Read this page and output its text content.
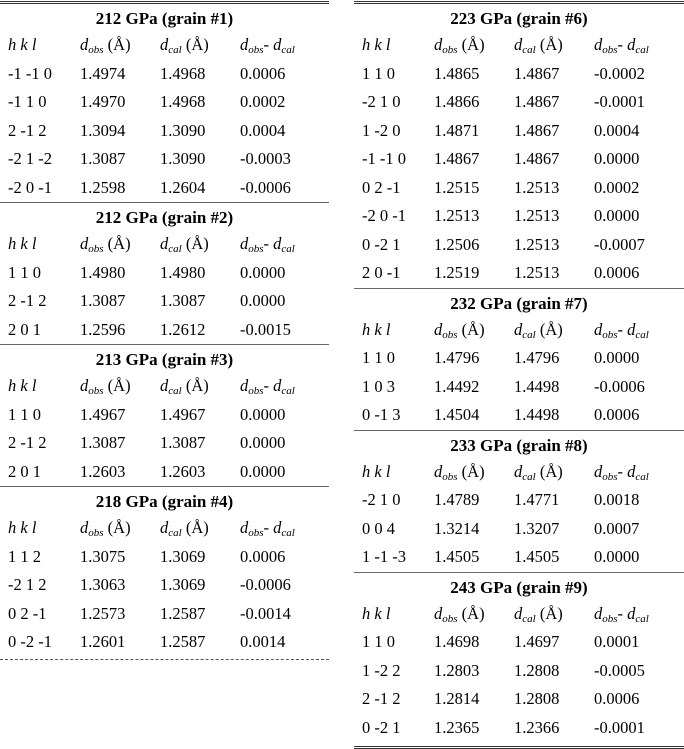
212 GPa (grain #1)
h k l	$d_{obs}$ (Å)	$d_{cal}$ (Å)	$d_{obs}-$ $d_{cal}$
-1 -1 0	1.4974	1.4968	0.0006
-1 1 0	1.4970	1.4968	0.0002
2 -1 2	1.3094	1.3090	0.0004
-2 1 -2	1.3087	1.3090	-0.0003
-2 0 -1	1.2598	1.2604	-0.0006
212 GPa (grain #2)
h k l	$d_{obs}$ (Å)	$d_{cal}$ (Å)	$d_{obs}-$ $d_{cal}$
1 1 0	1.4980	1.4980	0.0000
2 -1 2	1.3087	1.3087	0.0000
2 0 1	1.2596	1.2612	-0.0015
213 GPa (grain #3)
h k l	$d_{obs}$ (Å)	$d_{cal}$ (Å)	$d_{obs}-$ $d_{cal}$
1 1 0	1.4967	1.4967	0.0000
2 -1 2	1.3087	1.3087	0.0000
2 0 1	1.2603	1.2603	0.0000
218 GPa (grain #4)
h k l	$d_{obs}$ (Å)	$d_{cal}$ (Å)	$d_{obs}-$ $d_{cal}$
1 1 2	1.3075	1.3069	0.0006
-2 1 2	1.3063	1.3069	-0.0006
0 2 -1	1.2573	1.2587	-0.0014
0 -2 -1	1.2601	1.2587	0.0014
223 GPa (grain #6)
h k l	$d_{obs}$ (Å)	$d_{cal}$ (Å)	$d_{obs}-$ $d_{cal}$
1 1 0	1.4865	1.4867	-0.0002
-2 1 0	1.4866	1.4867	-0.0001
1 -2 0	1.4871	1.4867	0.0004
-1 -1 0	1.4867	1.4867	0.0000
0 2 -1	1.2515	1.2513	0.0002
-2 0 -1	1.2513	1.2513	0.0000
0 -2 1	1.2506	1.2513	-0.0007
2 0 -1	1.2519	1.2513	0.0006
232 GPa (grain #7)
h k l	$d_{obs}$ (Å)	$d_{cal}$ (Å)	$d_{obs}-$ $d_{cal}$
1 1 0	1.4796	1.4796	0.0000
1 0 3	1.4492	1.4498	-0.0006
0 -1 3	1.4504	1.4498	0.0006
233 GPa (grain #8)
h k l	$d_{obs}$ (Å)	$d_{cal}$ (Å)	$d_{obs}-$ $d_{cal}$
-2 1 0	1.4789	1.4771	0.0018
0 0 4	1.3214	1.3207	0.0007
1 -1 -3	1.4505	1.4505	0.0000
243 GPa (grain #9)
h k l	$d_{obs}$ (Å)	$d_{cal}$ (Å)	$d_{obs}-$ $d_{cal}$
1 1 0	1.4698	1.4697	0.0001
1 -2 2	1.2803	1.2808	-0.0005
2 -1 2	1.2814	1.2808	0.0006
0 -2 1	1.2365	1.2366	-0.0001
